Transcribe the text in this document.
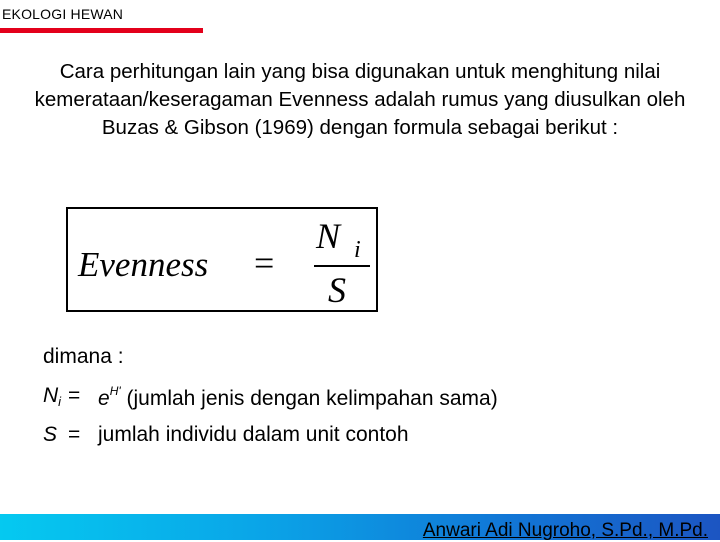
EKOLOGI HEWAN
Cara perhitungan lain yang bisa digunakan untuk menghitung nilai kemerataan/keseragaman Evenness adalah rumus yang diusulkan oleh Buzas & Gibson (1969) dengan formula sebagai berikut :
Evenness =
N i
S
dimana :
$Ni = e^{H'}$ (jumlah jenis dengan kelimpahan sama)
S = jumlah individu dalam unit contoh
Anwari Adi Nugroho, S.Pd., M.Pd.
